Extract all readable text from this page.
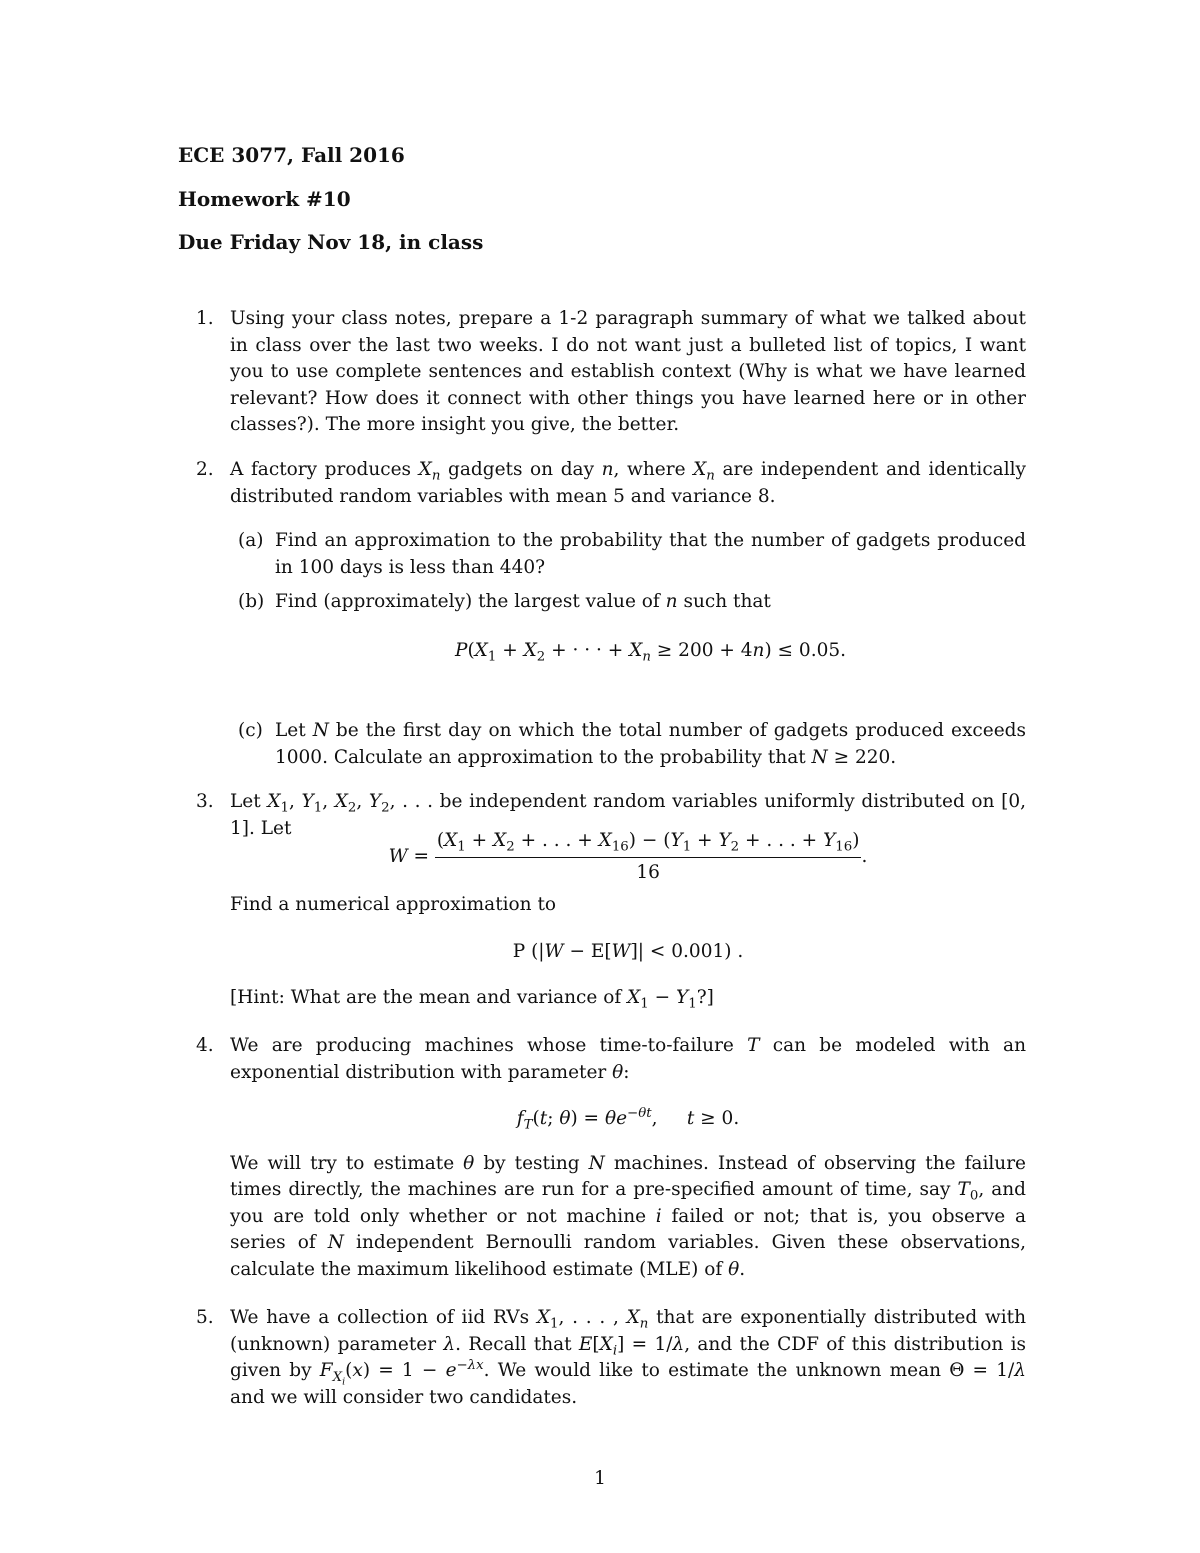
ECE 3077, Fall 2016
Homework #10
Due Friday Nov 18, in class
1. Using your class notes, prepare a 1-2 paragraph summary of what we talked about in class over the last two weeks. I do not want just a bulleted list of topics, I want you to use complete sentences and establish context (Why is what we have learned relevant? How does it connect with other things you have learned here or in other classes?). The more insight you give, the better.

2. A factory produces $X_n$ gadgets on day n, where $X_n$ are independent and identically distributed random variables with mean 5 and variance 8.

(a) Find an approximation to the probability that the number of gadgets produced in 100 days is less than 440?

(b) Find (approximately) the largest value of n such that

$P(X_1 + X_2$ + · · · + $X_n \ge 200 + 4n) \le 0.05$.

(c) Let N be the first day on which the total number of gadgets produced exceeds 1000. Calculate an approximation to the probability that N ≥ 220.

3. Let $X_1$, $Y_1$, $X_2$, $Y_2$, . . . be independent random variables uniformly distributed on [0, 1]. Let

$W = \frac{(X_1 + X_2 + . . . + X_{16}) - (Y_1 + Y_2 + . . . + Y_{16})}{16}$ .

Find a numerical approximation to

P (|W − E[W]| < 0.001) .

[Hint: What are the mean and variance of $X_1$ − $Y_1$?]

4. We are producing machines whose time-to-failure T can be modeled with an exponential distribution with parameter θ:

$f_T(t$; $\theta) = \theta e^{-\theta t}$,     t ≥ 0.

We will try to estimate θ by testing N machines. Instead of observing the failure times directly, the machines are run for a pre-specified amount of time, say $T_0$, and you are told only whether or not machine i failed or not; that is, you observe a series of N independent Bernoulli random variables. Given these observations, calculate the maximum likelihood estimate (MLE) of θ.

5. We have a collection of iid RVs $X_1$, . . . , $X_n$ that are exponentially distributed with (unknown) parameter λ. Recall that $E[X_i] = 1/\lambda$, and the CDF of this distribution is given by $F_{X_i}(x) = 1 - e^{-\lambda x}$. We would like to estimate the unknown mean Θ = 1/λ and we will consider two candidates.

1
